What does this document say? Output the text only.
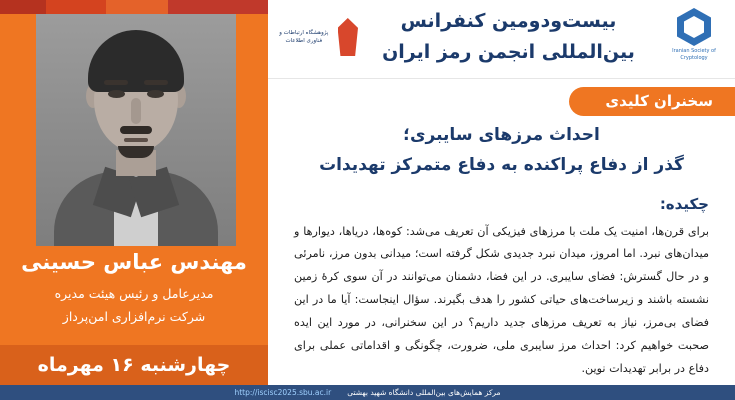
مهندس عباس حسینی
مدیرعامل و رئیس هیئت مدیره
شرکت نرم‌افزاری امن‌پرداز
چهارشنبه ۱۶ مهرماه
پژوهشگاه ارتباطات و فناوری اطلاعات
بیست‌ودومین کنفرانس
بین‌المللی انجمن رمز ایران	Iranian Society of Cryptology
سخنران کلیدی
احداث مرزهای سایبری؛
گذر از دفاع پراکنده به دفاع متمرکز تهدیدات
چکیده:
برای قرن‌ها، امنیت یک ملت با مرزهای فیزیکی آن تعریف می‌شد: کوه‌ها، دریاها، دیوارها و میدان‌های نبرد. اما امروز، میدان نبرد جدیدی شکل گرفته است؛ میدانی بدون مرز، نامرئی و در حال گسترش: فضای سایبری. در این فضا، دشمنان می‌توانند در آن سوی کرهٔ زمین نشسته باشند و زیرساخت‌های حیاتی کشور را هدف بگیرند. سؤال اینجاست: آیا ما در این فضای بی‌مرز، نیاز به تعریف مرزهای جدید داریم؟ در این سخنرانی، در مورد این ایده صحبت خواهیم کرد: احداث مرز سایبری ملی، ضرورت، چگونگی و اقداماتی عملی برای دفاع در برابر تهدیدات نوین.
مرکز همایش‌های بین‌المللی دانشگاه شهید بهشتی
http://iscisc2025.sbu.ac.ir
